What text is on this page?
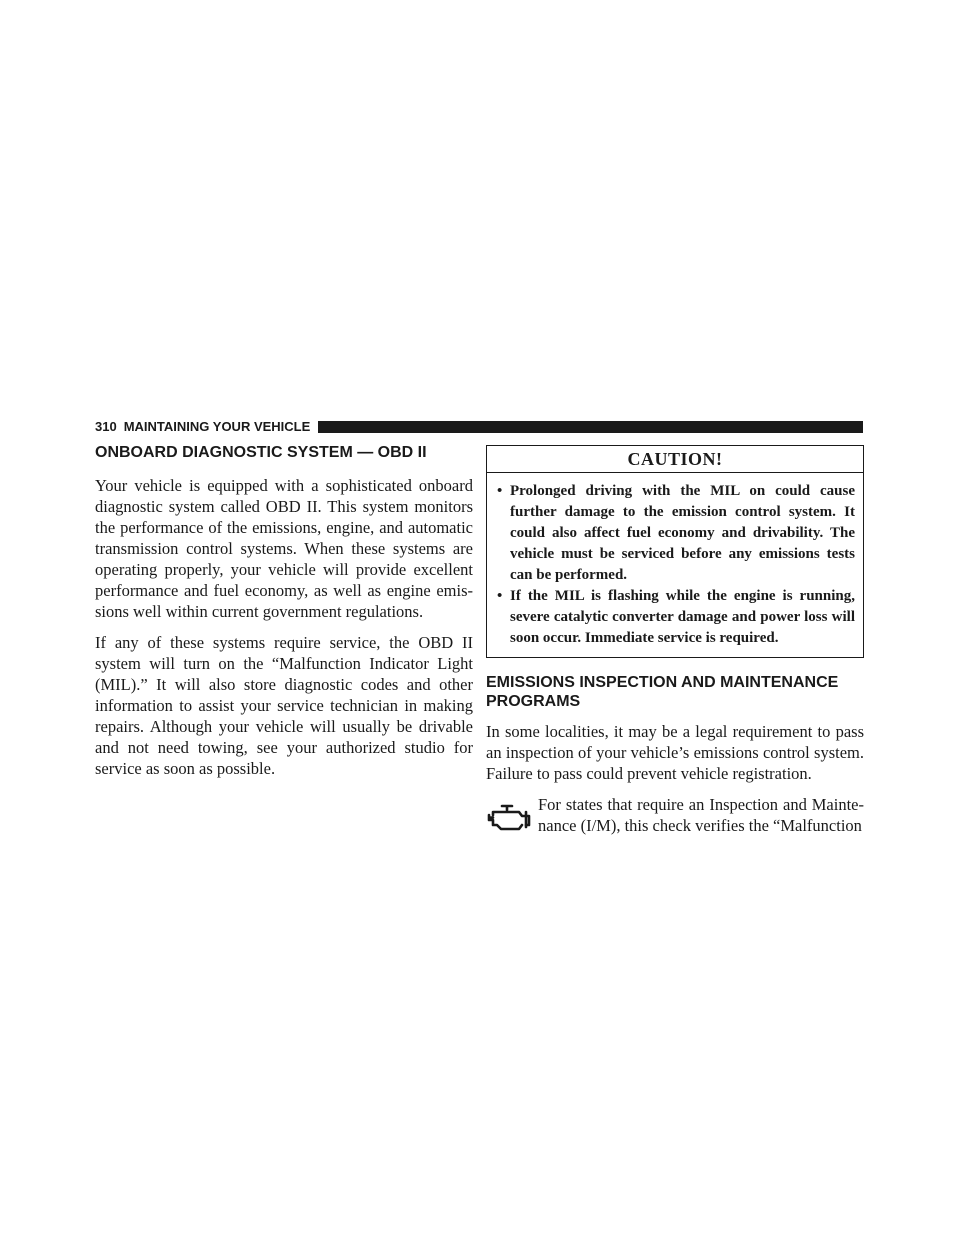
310 MAINTAINING YOUR VEHICLE
ONBOARD DIAGNOSTIC SYSTEM — OBD II

Your vehicle is equipped with a sophisticated onboard diagnostic system called OBD II. This system monitors the performance of the emissions, engine, and automatic transmission control systems. When these systems are operating properly, your vehicle will provide excellent performance and fuel economy, as well as engine emissions well within current government regulations.

If any of these systems require service, the OBD II system will turn on the “Malfunction Indicator Light (MIL).” It will also store diagnostic codes and other information to assist your service technician in making repairs. Although your vehicle will usually be drivable and not need towing, see your authorized studio for service as soon as possible.

CAUTION!
• Prolonged driving with the MIL on could cause further damage to the emission control system. It could also affect fuel economy and drivability. The vehicle must be serviced before any emissions tests can be performed.
• If the MIL is flashing while the engine is running, severe catalytic converter damage and power loss will soon occur. Immediate service is required.
EMISSIONS INSPECTION AND MAINTENANCE PROGRAMS

In some localities, it may be a legal requirement to pass an inspection of your vehicle’s emissions control system. Failure to pass could prevent vehicle registration.

For states that require an Inspection and Maintenance (I/M), this check verifies the “Malfunction
